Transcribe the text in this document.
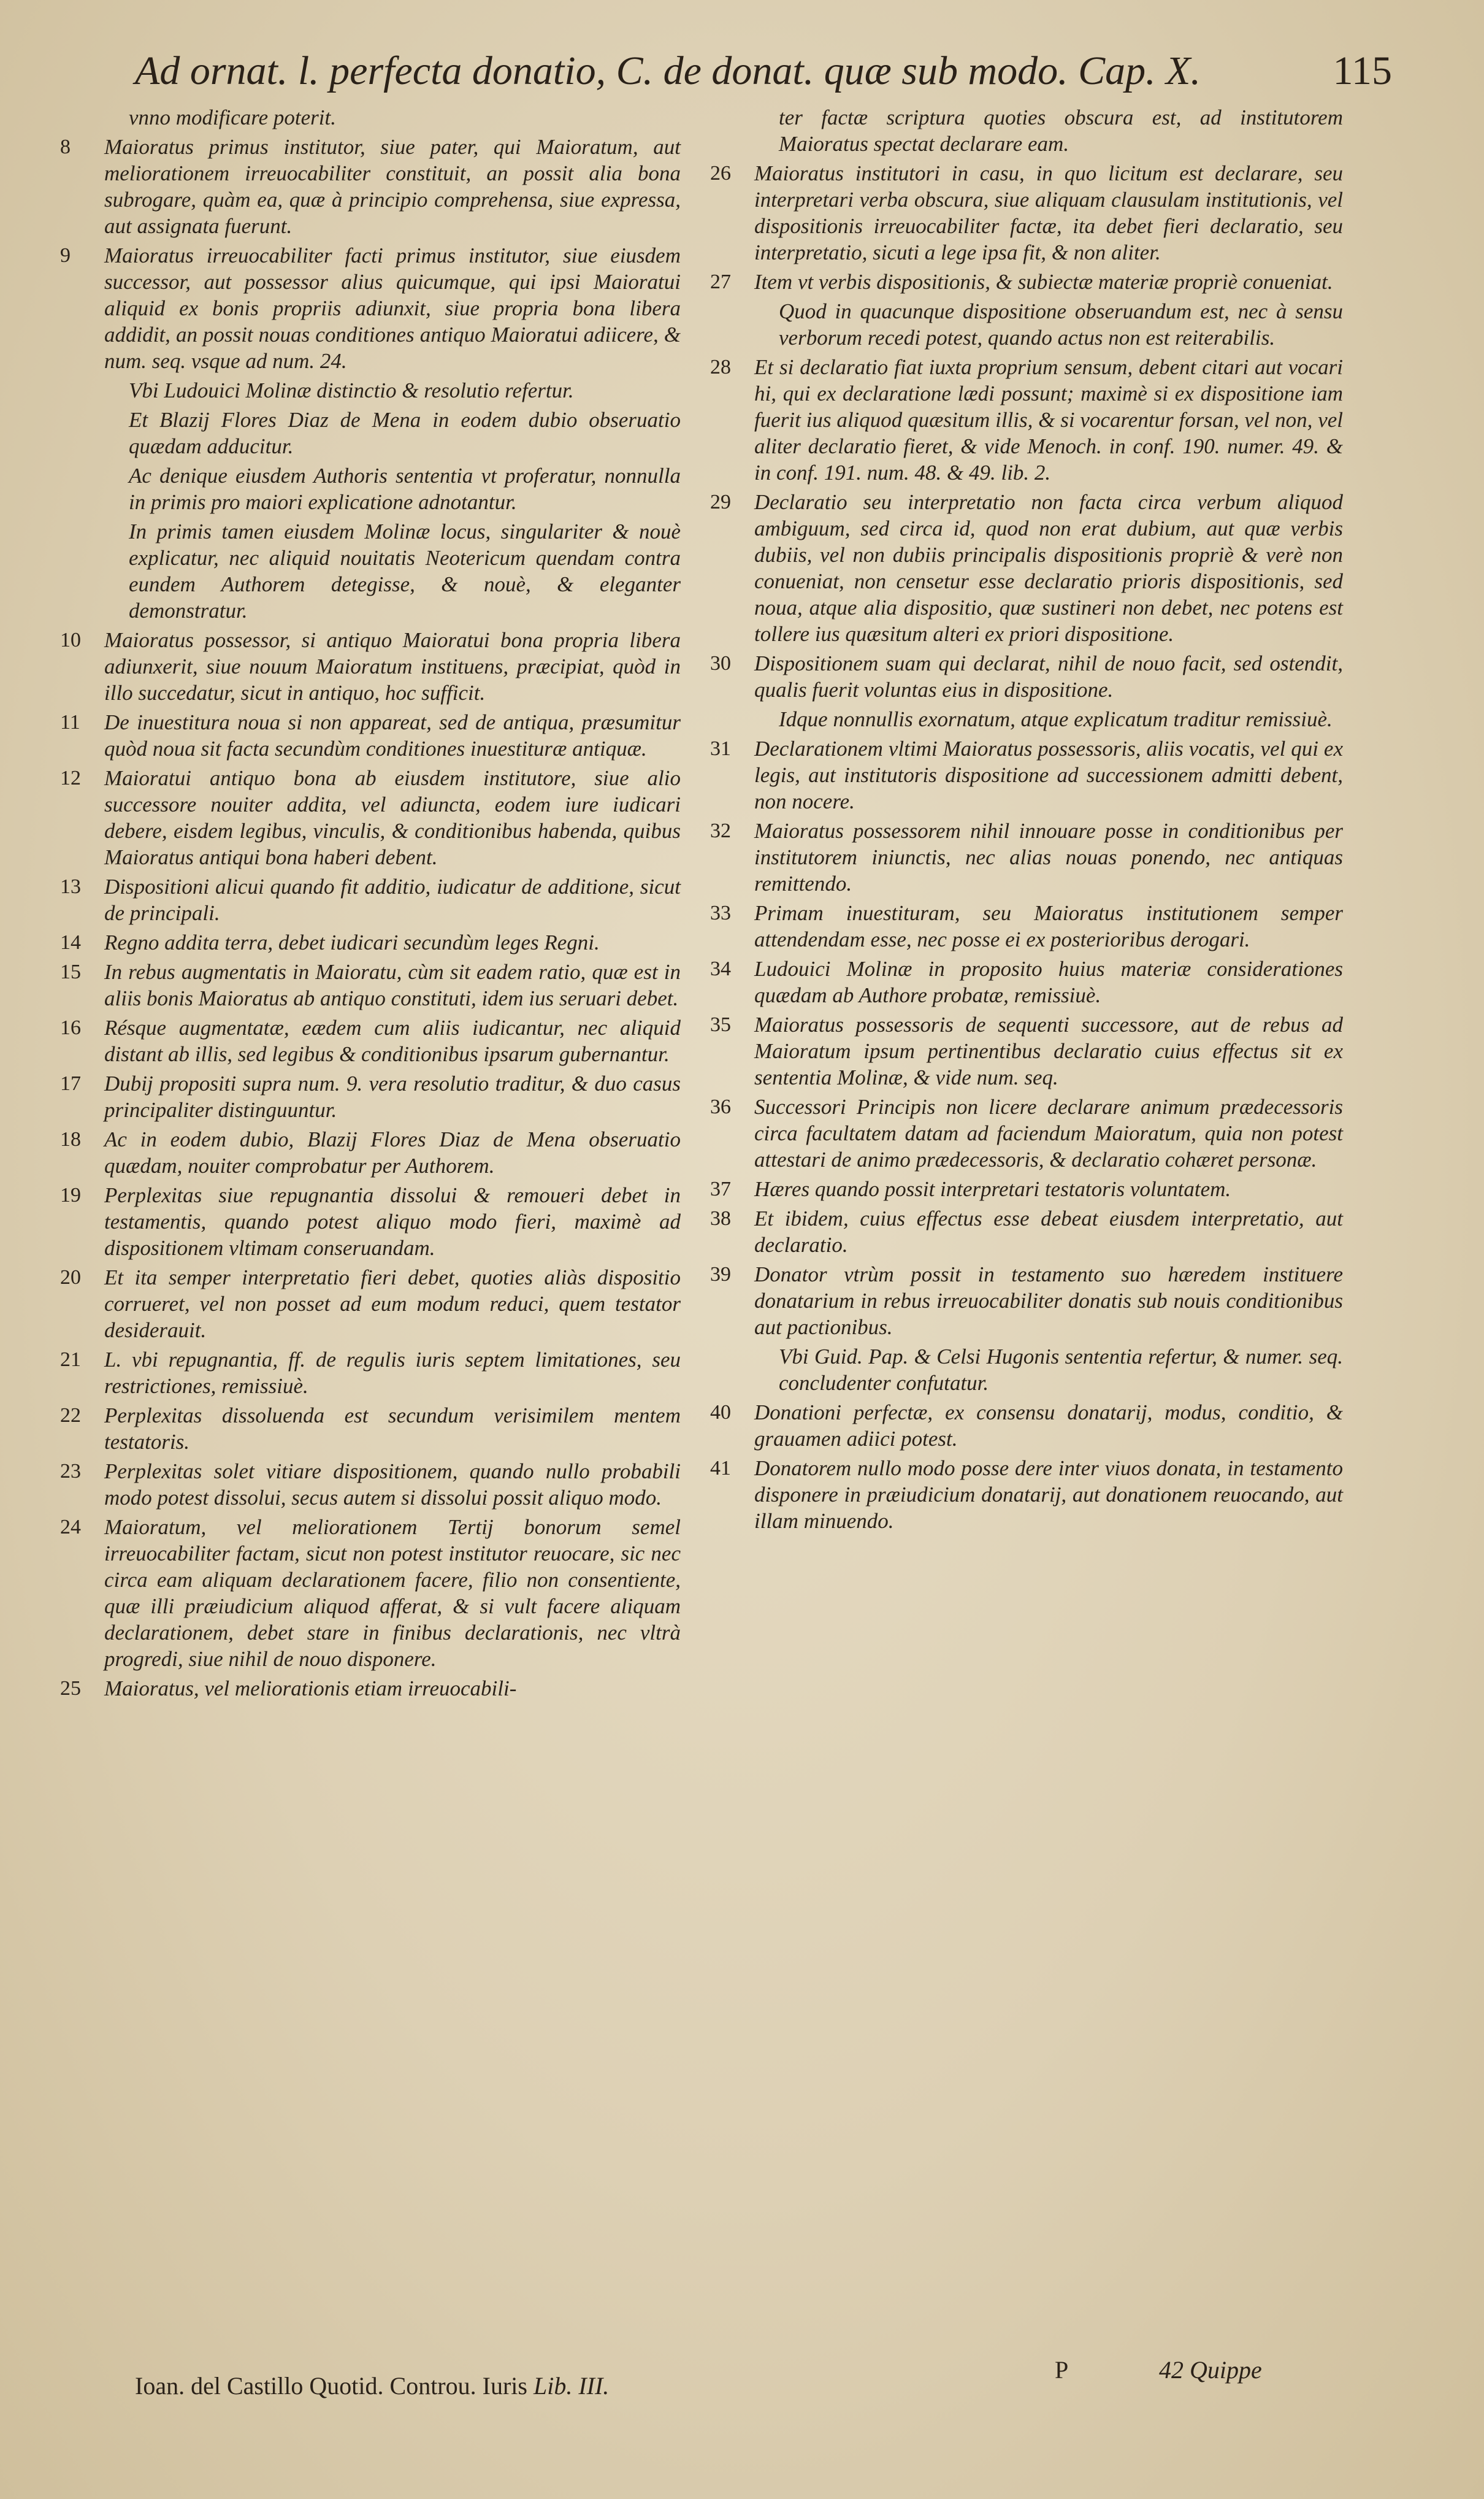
Ad ornat. l. perfecta donatio, C. de donat. quæ sub modo. Cap. X.	115
vnno modificare poterit.
8 Maioratus primus institutor, siue pater, qui Maioratum, aut meliorationem irreuocabiliter constituit, an possit alia bona subrogare, quàm ea, quæ à principio comprehensa, siue expressa, aut assignata fuerunt.
9 Maioratus irreuocabiliter facti primus institutor, siue eiusdem successor, aut possessor alius quicumque, qui ipsi Maioratui aliquid ex bonis propriis adiunxit, siue propria bona libera addidit, an possit nouas conditiones antiquo Maioratui adiicere, & num. seq. vsque ad num. 24.
Vbi Ludouici Molinæ distinctio & resolutio refertur.
Et Blazij Flores Diaz de Mena in eodem dubio obseruatio quædam adducitur.
Ac denique eiusdem Authoris sententia vt proferatur, nonnulla in primis pro maiori explicatione adnotantur.
In primis tamen eiusdem Molinæ locus, singulariter & nouè explicatur, nec aliquid nouitatis Neotericum quendam contra eundem Authorem detegisse, & nouè, & eleganter demonstratur.
10 Maioratus possessor, si antiquo Maioratui bona propria libera adiunxerit, siue nouum Maioratum instituens, præcipiat, quòd in illo succedatur, sicut in antiquo, hoc sufficit.
11 De inuestitura noua si non appareat, sed de antiqua, præsumitur quòd noua sit facta secundùm conditiones inuestituræ antiquæ.
12 Maioratui antiquo bona ab eiusdem institutore, siue alio successore nouiter addita, vel adiuncta, eodem iure iudicari debere, eisdem legibus, vinculis, & conditionibus habenda, quibus Maioratus antiqui bona haberi debent.
13 Dispositioni alicui quando fit additio, iudicatur de additione, sicut de principali.
14 Regno addita terra, debet iudicari secundùm leges Regni.
15 In rebus augmentatis in Maioratu, cùm sit eadem ratio, quæ est in aliis bonis Maioratus ab antiquo constituti, idem ius seruari debet.
16 Résque augmentatæ, eædem cum aliis iudicantur, nec aliquid distant ab illis, sed legibus & conditionibus ipsarum gubernantur.
17 Dubij propositi supra num. 9. vera resolutio traditur, & duo casus principaliter distinguuntur.
18 Ac in eodem dubio, Blazij Flores Diaz de Mena obseruatio quædam, nouiter comprobatur per Authorem.
19 Perplexitas siue repugnantia dissolui & remoueri debet in testamentis, quando potest aliquo modo fieri, maximè ad dispositionem vltimam conseruandam.
20 Et ita semper interpretatio fieri debet, quoties aliàs dispositio corrueret, vel non posset ad eum modum reduci, quem testator desiderauit.
21 L. vbi repugnantia, ff. de regulis iuris septem limitationes, seu restrictiones, remissiuè.
22 Perplexitas dissoluenda est secundum verisimilem mentem testatoris.
23 Perplexitas solet vitiare dispositionem, quando nullo probabili modo potest dissolui, secus autem si dissolui possit aliquo modo.
24 Maioratum, vel meliorationem Tertij bonorum semel irreuocabiliter factam, sicut non potest institutor reuocare, sic nec circa eam aliquam declarationem facere, filio non consentiente, quæ illi præiudicium aliquod afferat, & si vult facere aliquam declarationem, debet stare in finibus declarationis, nec vltrà progredi, siue nihil de nouo disponere.
25 Maioratus, vel meliorationis etiam irreuocabili-
ter factæ scriptura quoties obscura est, ad institutorem Maioratus spectat declarare eam.
26 Maioratus institutori in casu, in quo licitum est declarare, seu interpretari verba obscura, siue aliquam clausulam institutionis, vel dispositionis irreuocabiliter factæ, ita debet fieri declaratio, seu interpretatio, sicuti a lege ipsa fit, & non aliter.
27 Item vt verbis dispositionis, & subiectæ materiæ propriè conueniat.
Quod in quacunque dispositione obseruandum est, nec à sensu verborum recedi potest, quando actus non est reiterabilis.
28 Et si declaratio fiat iuxta proprium sensum, debent citari aut vocari hi, qui ex declaratione lædi possunt; maximè si ex dispositione iam fuerit ius aliquod quæsitum illis, & si vocarentur forsan, vel non, vel aliter declaratio fieret, & vide Menoch. in conf. 190. numer. 49. & in conf. 191. num. 48. & 49. lib. 2.
29 Declaratio seu interpretatio non facta circa verbum aliquod ambiguum, sed circa id, quod non erat dubium, aut quæ verbis dubiis, vel non dubiis principalis dispositionis propriè & verè non conueniat, non censetur esse declaratio prioris dispositionis, sed noua, atque alia dispositio, quæ sustineri non debet, nec potens est tollere ius quæsitum alteri ex priori dispositione.
30 Dispositionem suam qui declarat, nihil de nouo facit, sed ostendit, qualis fuerit voluntas eius in dispositione.
Idque nonnullis exornatum, atque explicatum traditur remissiuè.
31 Declarationem vltimi Maioratus possessoris, aliis vocatis, vel qui ex legis, aut institutoris dispositione ad successionem admitti debent, non nocere.
32 Maioratus possessorem nihil innouare posse in conditionibus per institutorem iniunctis, nec alias nouas ponendo, nec antiquas remittendo.
33 Primam inuestituram, seu Maioratus institutionem semper attendendam esse, nec posse ei ex posterioribus derogari.
34 Ludouici Molinæ in proposito huius materiæ considerationes quædam ab Authore probatæ, remissiuè.
35 Maioratus possessoris de sequenti successore, aut de rebus ad Maioratum ipsum pertinentibus declaratio cuius effectus sit ex sententia Molinæ, & vide num. seq.
36 Successori Principis non licere declarare animum prædecessoris circa facultatem datam ad faciendum Maioratum, quia non potest attestari de animo prædecessoris, & declaratio cohæret personæ.
37 Hæres quando possit interpretari testatoris voluntatem.
38 Et ibidem, cuius effectus esse debeat eiusdem interpretatio, aut declaratio.
39 Donator vtrùm possit in testamento suo hæredem instituere donatarium in rebus irreuocabiliter donatis sub nouis conditionibus aut pactionibus.
Vbi Guid. Pap. & Celsi Hugonis sententia refertur, & numer. seq. concludenter confutatur.
40 Donationi perfectæ, ex consensu donatarij, modus, conditio, & grauamen adiici potest.
41 Donatorem nullo modo posse dere inter viuos donata, in testamento disponere in præiudicium donatarij, aut donationem reuocando, aut illam minuendo.
Ioan. del Castillo Quotid. Controu. Iuris Lib. III.
P	42 Quippe
